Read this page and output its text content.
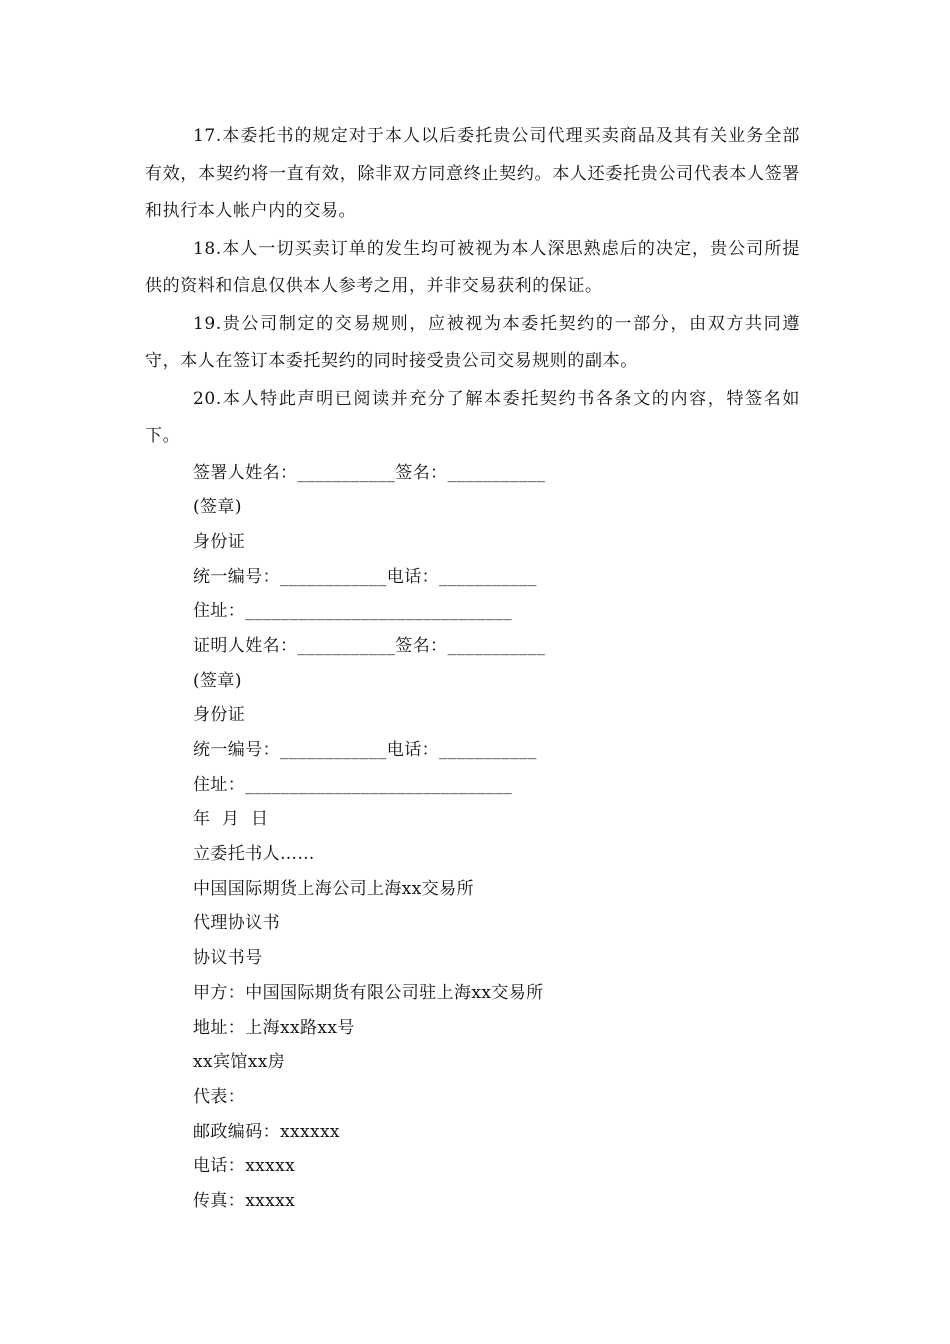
17.本委托书的规定对于本人以后委托贵公司代理买卖商品及其有关业务全部有效，本契约将一直有效，除非双方同意终止契约。本人还委托贵公司代表本人签署和执行本人帐户内的交易。

18.本人一切买卖订单的发生均可被视为本人深思熟虑后的决定，贵公司所提供的资料和信息仅供本人参考之用，并非交易获利的保证。

19.贵公司制定的交易规则，应被视为本委托契约的一部分，由双方共同遵守，本人在签订本委托契约的同时接受贵公司交易规则的副本。

20.本人特此声明已阅读并充分了解本委托契约书各条文的内容，特签名如下。

签署人姓名：___________签名：___________

(签章)

身份证

统一编号：____________电话：___________

住址：______________________________

证明人姓名：___________签名：___________

(签章)

身份证

统一编号：____________电话：___________

住址：______________________________

年  月  日

立委托书人……

中国国际期货上海公司上海xx交易所

代理协议书

协议书号

甲方：中国国际期货有限公司驻上海xx交易所

地址：上海xx路xx号

xx宾馆xx房

代表：

邮政编码：xxxxxx

电话：xxxxx

传真：xxxxx
